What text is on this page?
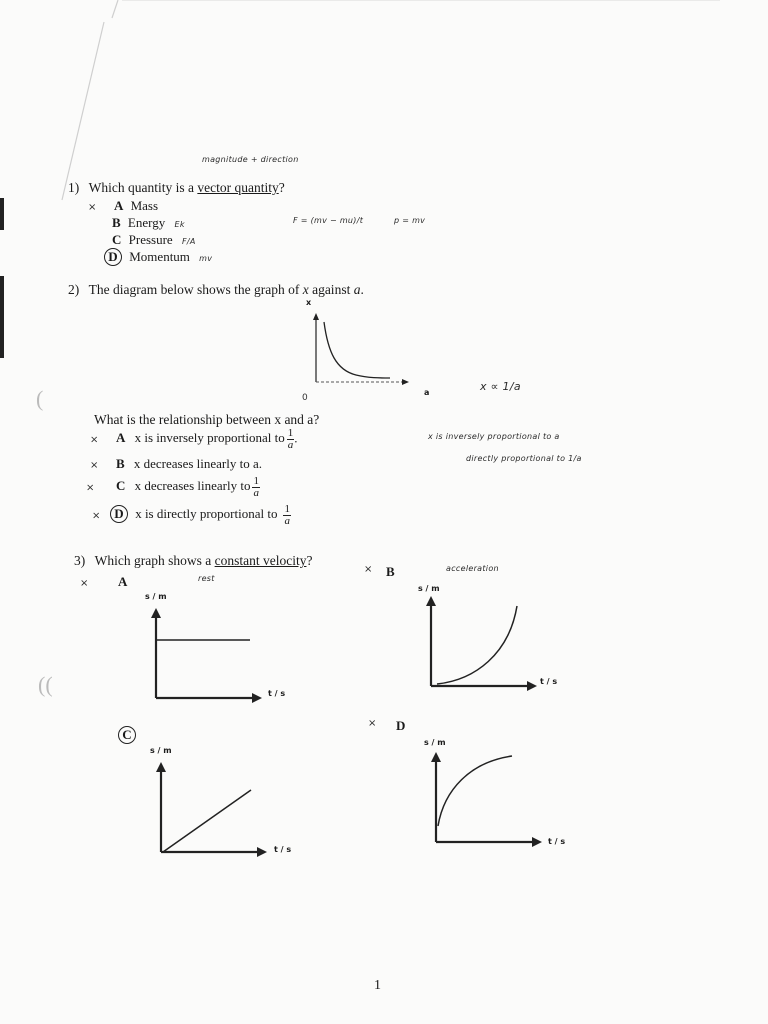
(
((
magnitude + direction
1) Which quantity is a vector quantity?
× A Mass
B Energy Ek
C Pressure F/A
D Momentum mv
F = (mv − mu)/t	p = mv
2) The diagram below shows the graph of x against a.
x
0
a	x ∝ 1/a
What is the relationship between x and a?
× A x is inversely proportional to $\frac{1}{a}$ .
× B x decreases linearly to a.
× C x decreases linearly to $\frac{1}{a}$
× D x is directly proportional to $\frac{1}{a}$
x is inversely proportional to a
directly proportional to 1/a
3) Which graph shows a constant velocity?
× A	rest
s / m
t / s
× B	acceleration
s / m
t / s
C
s / m
t / s
× D
s / m
t / s
1
